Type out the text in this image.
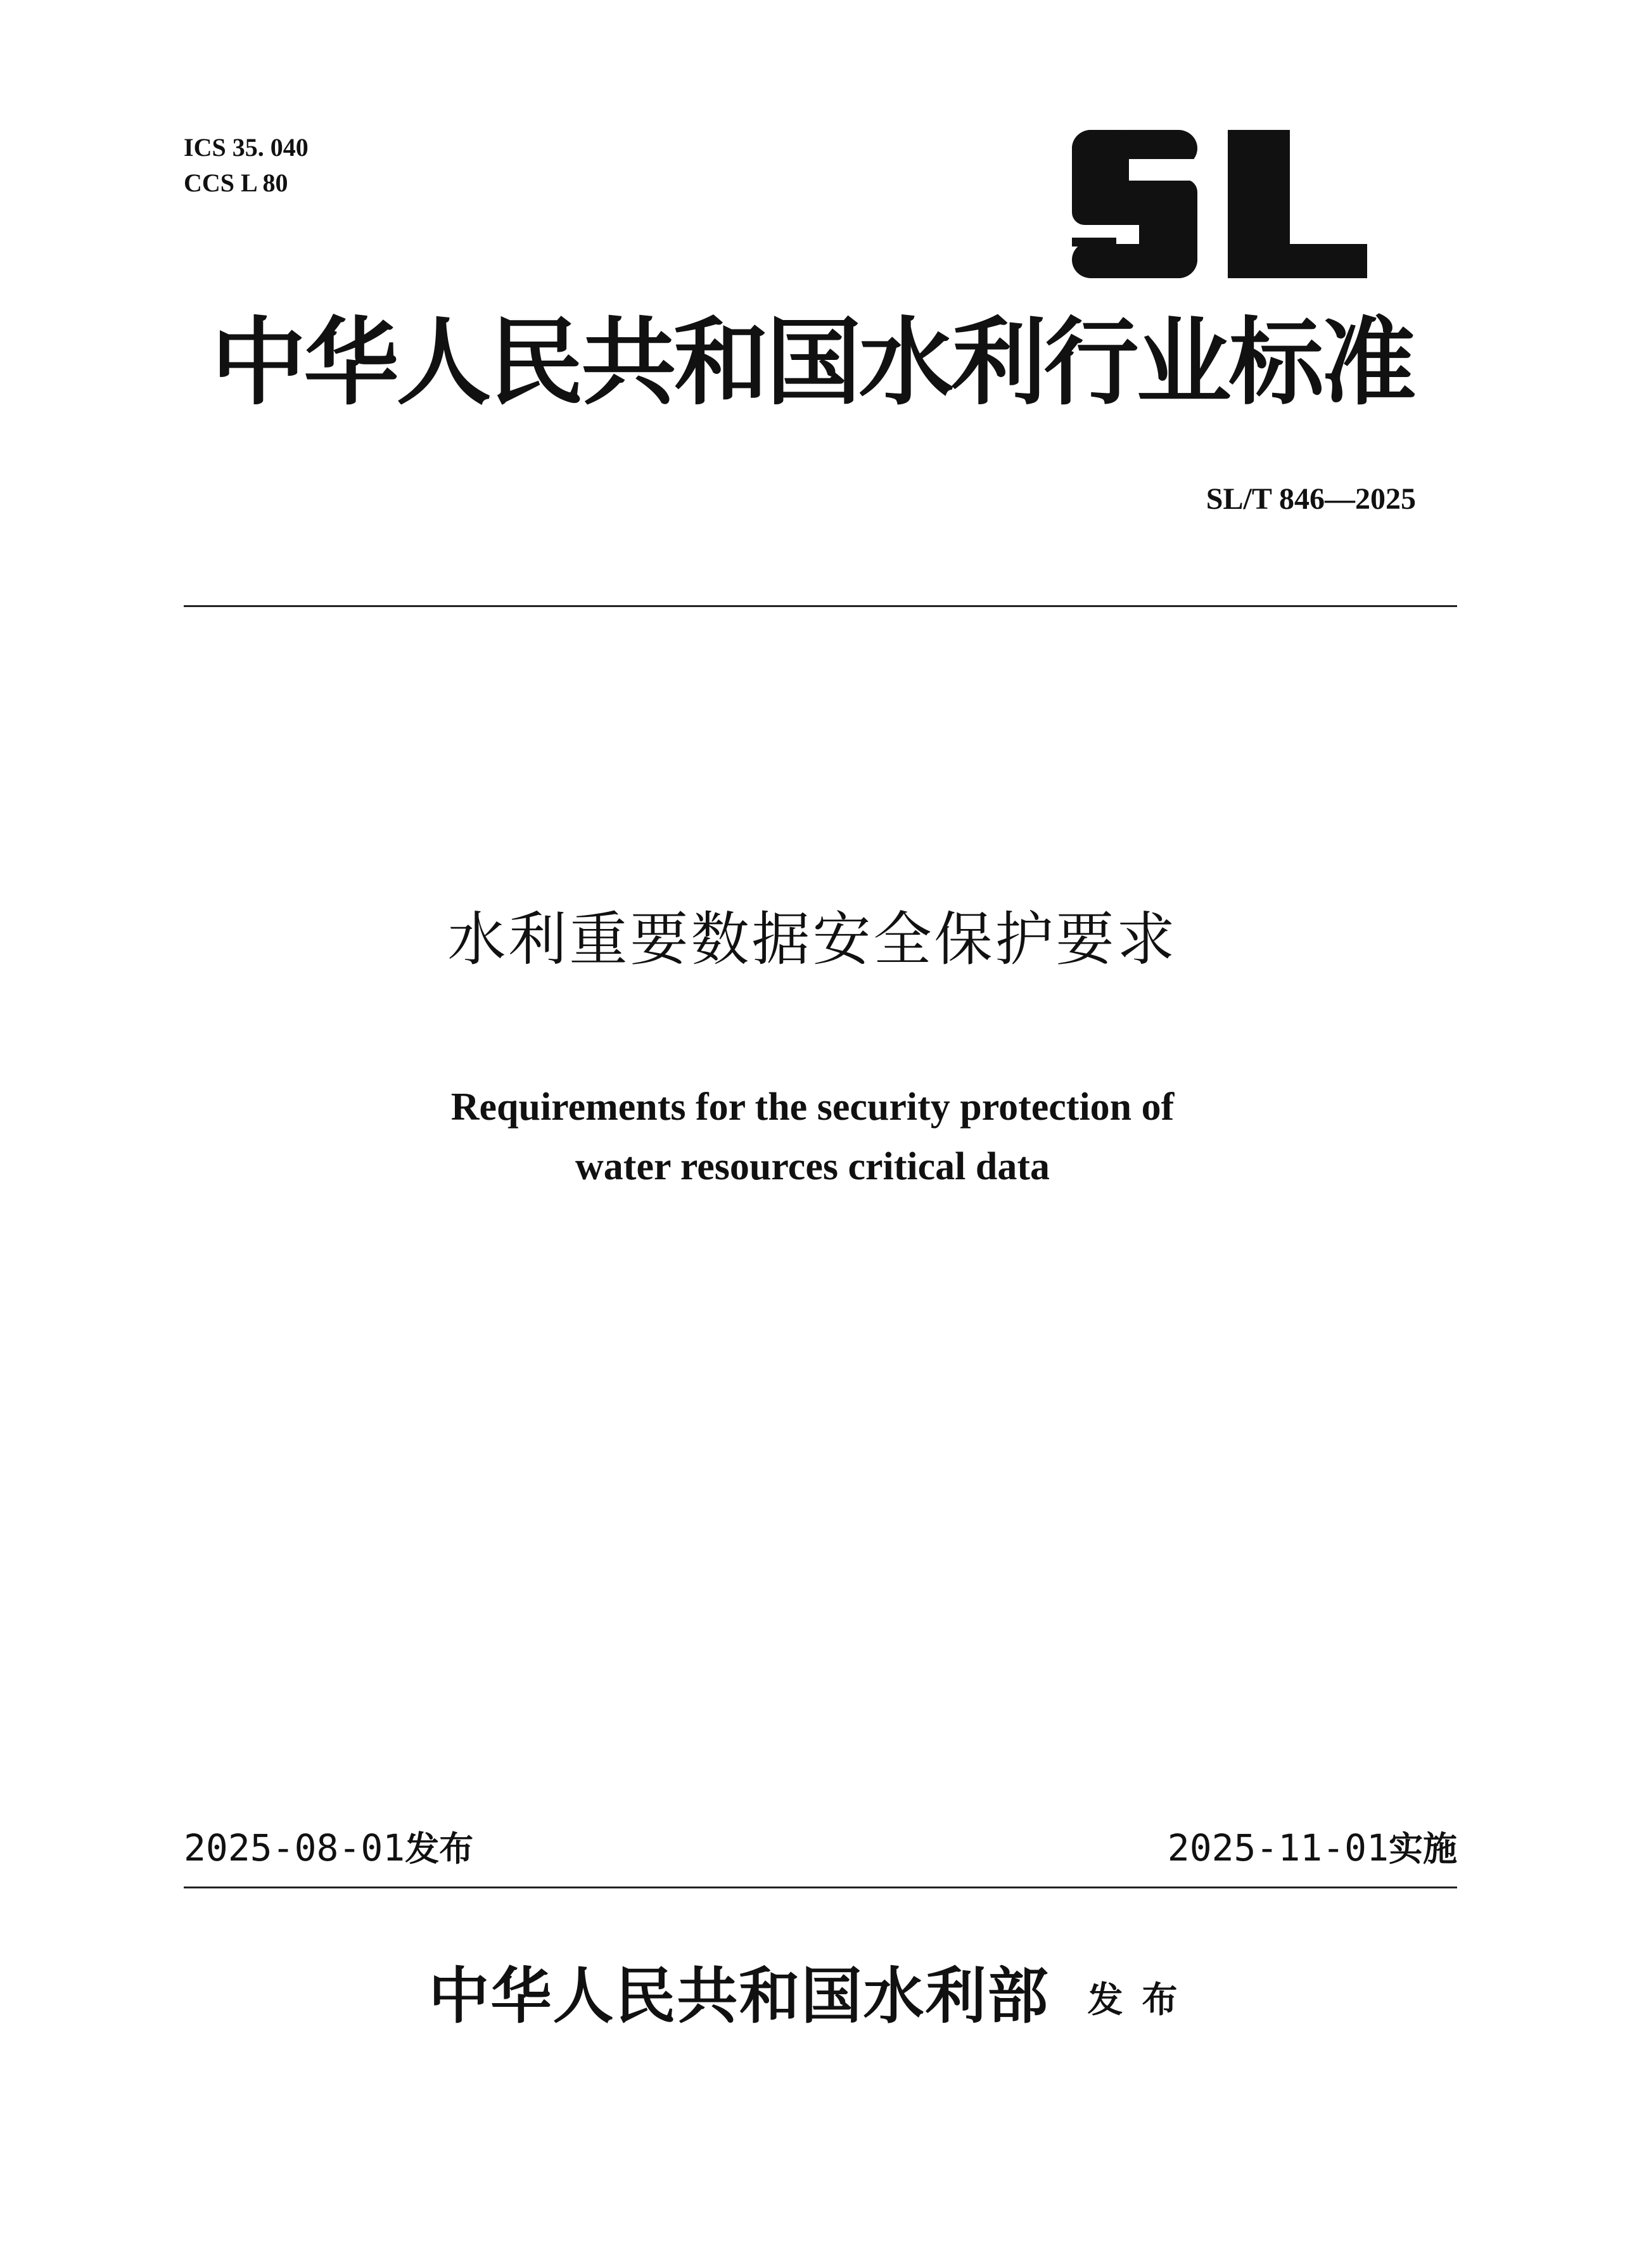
ICS 35. 040
CCS L 80
中华人民共和国水利行业标准
SL/T 846—2025
水利重要数据安全保护要求
Requirements for the security protection of
water resources critical data
2025-08-01发布	2025-11-01实施
中华人民共和国水利部 发布
